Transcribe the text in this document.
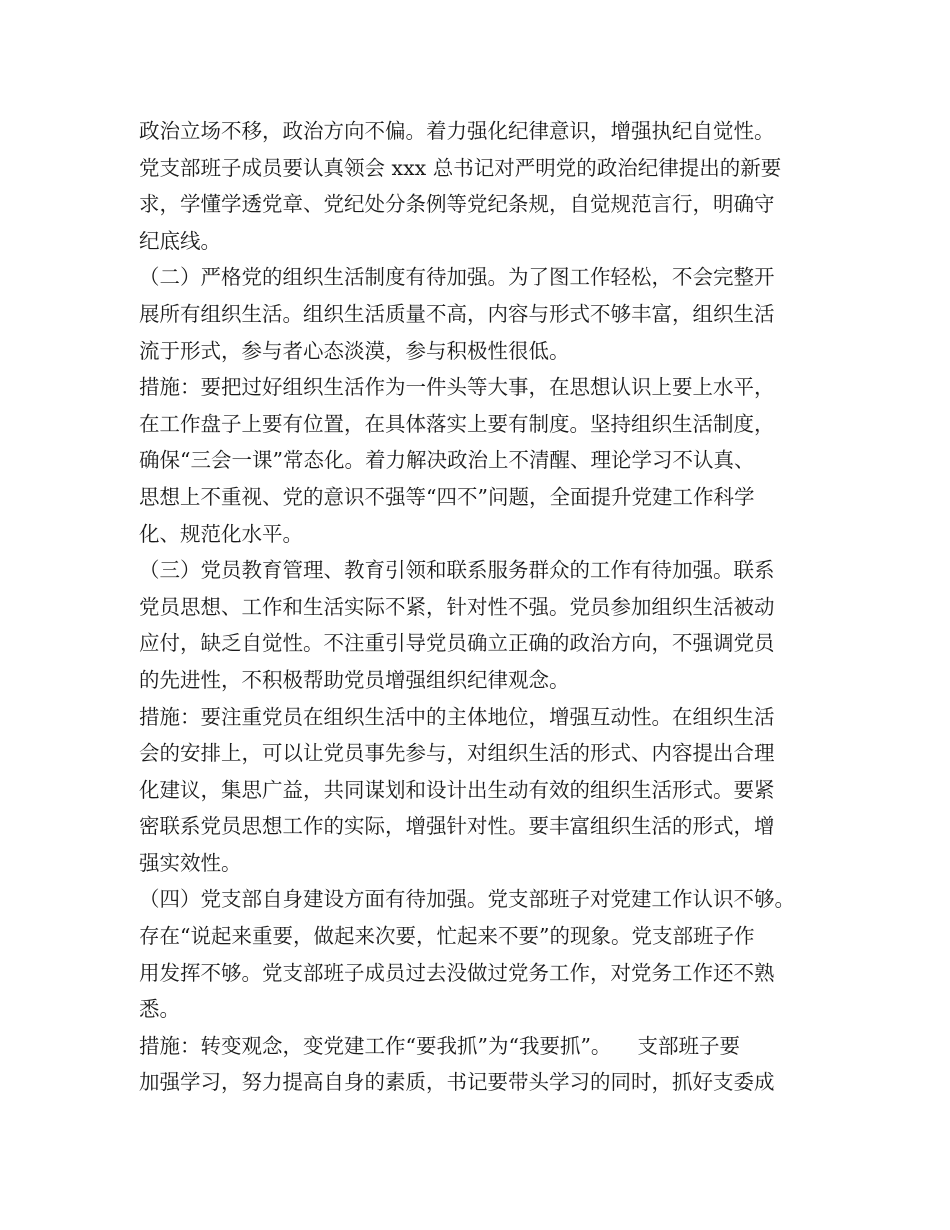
政治立场不移，政治方向不偏。着力强化纪律意识，增强执纪自觉性。
党支部班子成员要认真领会 xxx 总书记对严明党的政治纪律提出的新要
求，学懂学透党章、党纪处分条例等党纪条规，自觉规范言行，明确守
纪底线。
（二）严格党的组织生活制度有待加强。为了图工作轻松，不会完整开
展所有组织生活。组织生活质量不高，内容与形式不够丰富，组织生活
流于形式，参与者心态淡漠，参与积极性很低。
措施：要把过好组织生活作为一件头等大事，在思想认识上要上水平，
在工作盘子上要有位置，在具体落实上要有制度。坚持组织生活制度，
确保“三会一课”常态化。着力解决政治上不清醒、理论学习不认真、
思想上不重视、党的意识不强等“四不”问题，全面提升党建工作科学
化、规范化水平。
（三）党员教育管理、教育引领和联系服务群众的工作有待加强。联系
党员思想、工作和生活实际不紧，针对性不强。党员参加组织生活被动
应付，缺乏自觉性。不注重引导党员确立正确的政治方向，不强调党员
的先进性，不积极帮助党员增强组织纪律观念。
措施：要注重党员在组织生活中的主体地位，增强互动性。在组织生活
会的安排上，可以让党员事先参与，对组织生活的形式、内容提出合理
化建议，集思广益，共同谋划和设计出生动有效的组织生活形式。要紧
密联系党员思想工作的实际，增强针对性。要丰富组织生活的形式，增
强实效性。
（四）党支部自身建设方面有待加强。党支部班子对党建工作认识不够。
存在“说起来重要，做起来次要，忙起来不要”的现象。党支部班子作
用发挥不够。党支部班子成员过去没做过党务工作，对党务工作还不熟
悉。
措施：转变观念，变党建工作“要我抓”为“我要抓”。    支部班子要
加强学习，努力提高自身的素质，书记要带头学习的同时，抓好支委成
